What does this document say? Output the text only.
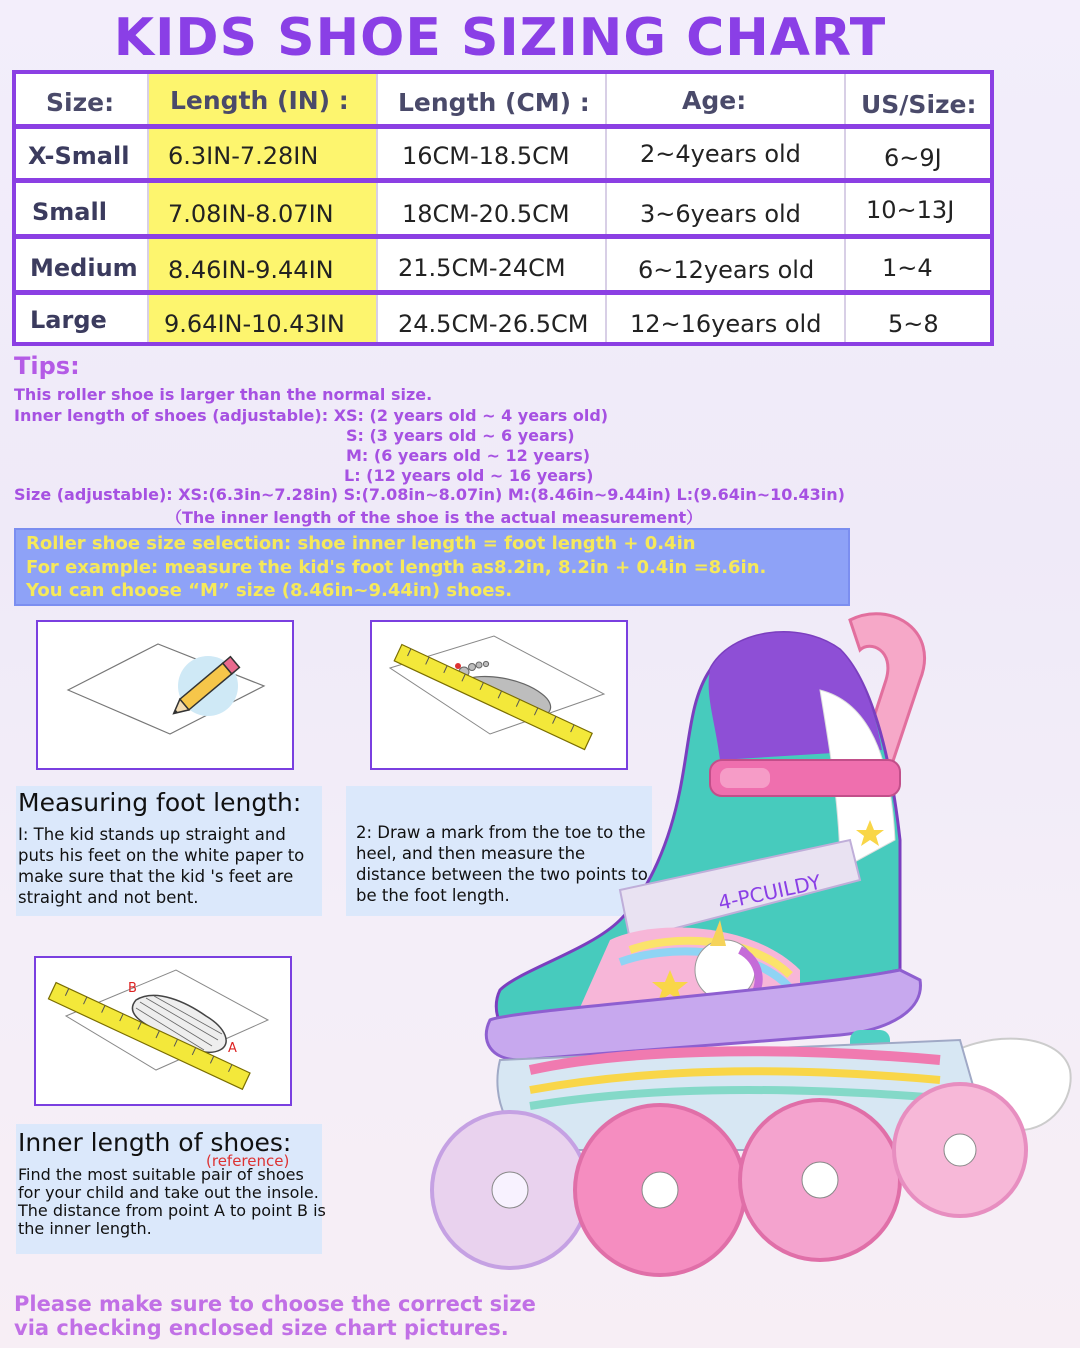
KIDS SHOE SIZING CHART
Size: Length (IN) : Length (CM) :	Age:	US/Size:
X-Small 6.3IN-7.28IN	16CM-18.5CM	2~4years old	6~9J
Small	7.08IN-8.07IN	18CM-20.5CM	3~6years old	10~13J
Medium 8.46IN-9.44IN	21.5CM-24CM	6~12years old	1~4
Large 9.64IN-10.43IN 24.5CM-26.5CM 12~16years old	5~8
Tips:
This roller shoe is larger than the normal size.
Inner length of shoes (adjustable): XS: (2 years old ~ 4 years old)
S: (3 years old ~ 6 years)
M: (6 years old ~ 12 years)
L: (12 years old ~ 16 years)
Size (adjustable): XS:(6.3in~7.28in) S:(7.08in~8.07in) M:(8.46in~9.44in) L:(9.64in~10.43in)
（The inner length of the shoe is the actual measurement）
Roller shoe size selection: shoe inner length = foot length + 0.4in
For example: measure the kid's foot length as8.2in, 8.2in + 0.4in =8.6in.
You can choose “M” size (8.46in~9.44in) shoes.
Measuring foot length:
I: The kid stands up straight and puts his feet on the white paper to make sure that the kid 's feet are straight and not bent.
2: Draw a mark from the toe to the heel, and then measure the distance between the two points to be the foot length.
B
A
Inner length of shoes:
(reference)
Find the most suitable pair of shoes for your child and take out the insole. The distance from point A to point B is the inner length.
4-PCUILDY
Please make sure to choose the correct size
via checking enclosed size chart pictures.
